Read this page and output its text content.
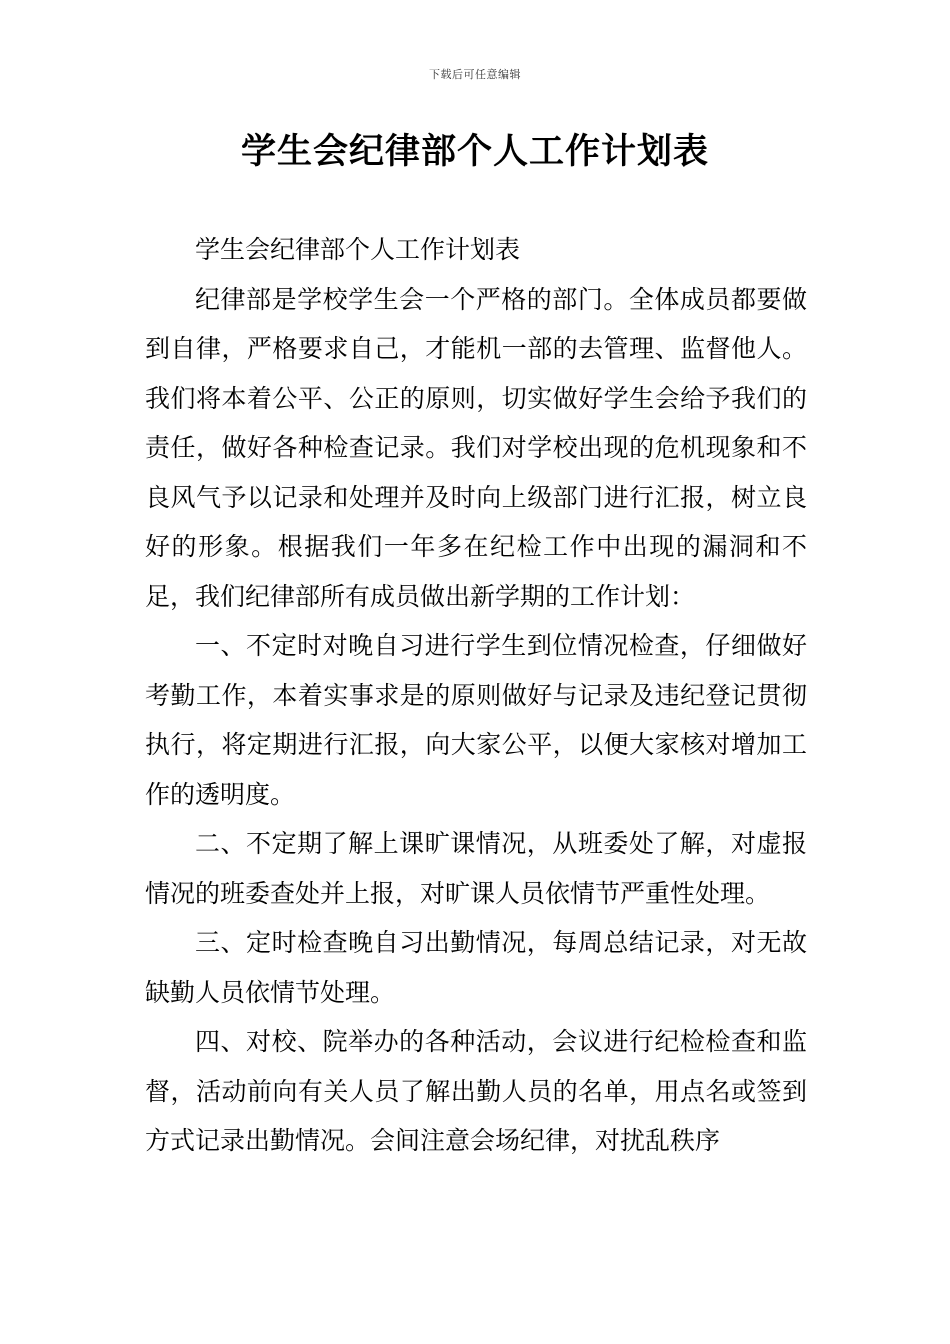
下载后可任意编辑
学生会纪律部个人工作计划表

学生会纪律部个人工作计划表

纪律部是学校学生会一个严格的部门。全体成员都要做到自律，严格要求自己，才能机一部的去管理、监督他人。我们将本着公平、公正的原则，切实做好学生会给予我们的责任，做好各种检查记录。我们对学校出现的危机现象和不良风气予以记录和处理并及时向上级部门进行汇报，树立良好的形象。根据我们一年多在纪检工作中出现的漏洞和不足，我们纪律部所有成员做出新学期的工作计划：

一、不定时对晚自习进行学生到位情况检查，仔细做好考勤工作，本着实事求是的原则做好与记录及违纪登记贯彻执行，将定期进行汇报，向大家公平，以便大家核对增加工作的透明度。

二、不定期了解上课旷课情况，从班委处了解，对虚报情况的班委查处并上报，对旷课人员依情节严重性处理。

三、定时检查晚自习出勤情况，每周总结记录，对无故缺勤人员依情节处理。

四、对校、院举办的各种活动，会议进行纪检检查和监督，活动前向有关人员了解出勤人员的名单，用点名或签到方式记录出勤情况。会间注意会场纪律，对扰乱秩序
